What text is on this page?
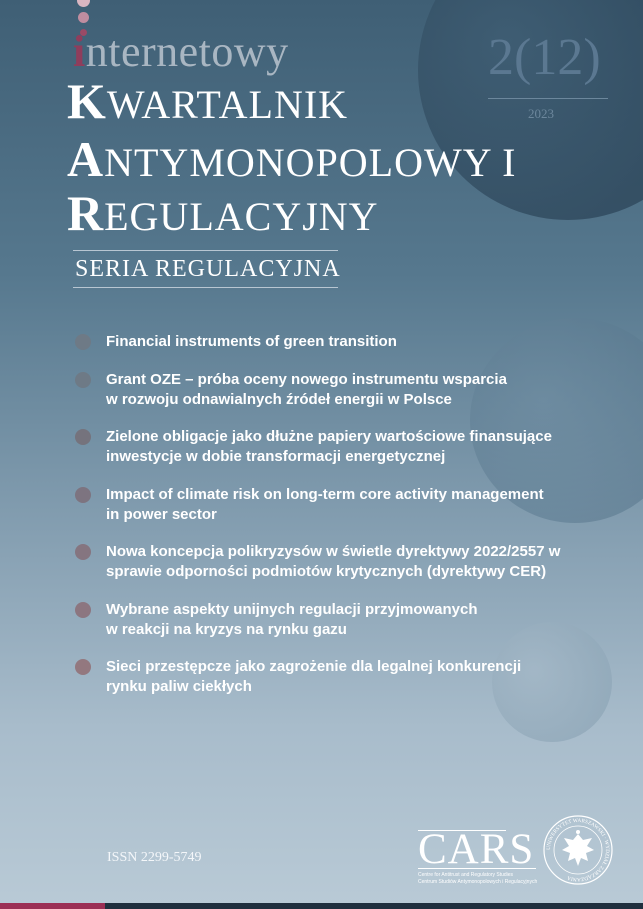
internetowy
KWARTALNIK
ANTYMONOPOLOWY I
REGULACYJNY
SERIA REGULACYJNA
2(12)
2023
Financial instruments of green transition
Grant OZE – próba oceny nowego instrumentu wsparcia w rozwoju odnawialnych źródeł energii w Polsce
Zielone obligacje jako dłużne papiery wartościowe finansujące inwestycje w dobie transformacji energetycznej
Impact of climate risk on long-term core activity management in power sector
Nowa koncepcja polikryzysów w świetle dyrektywy 2022/2557 w sprawie odporności podmiotów krytycznych (dyrektywy CER)
Wybrane aspekty unijnych regulacji przyjmowanych w reakcji na kryzys na rynku gazu
Sieci przestępcze jako zagrożenie dla legalnej konkurencji rynku paliw ciekłych
ISSN 2299-5749	CARS
Centre for Antitrust and Regulatory Studies
Centrum Studiów Antymonopolowych i Regulacyjnych
UNIWERSYTET WARSZAWSKI · WYDZIAŁ ZARZĄDZANIA
